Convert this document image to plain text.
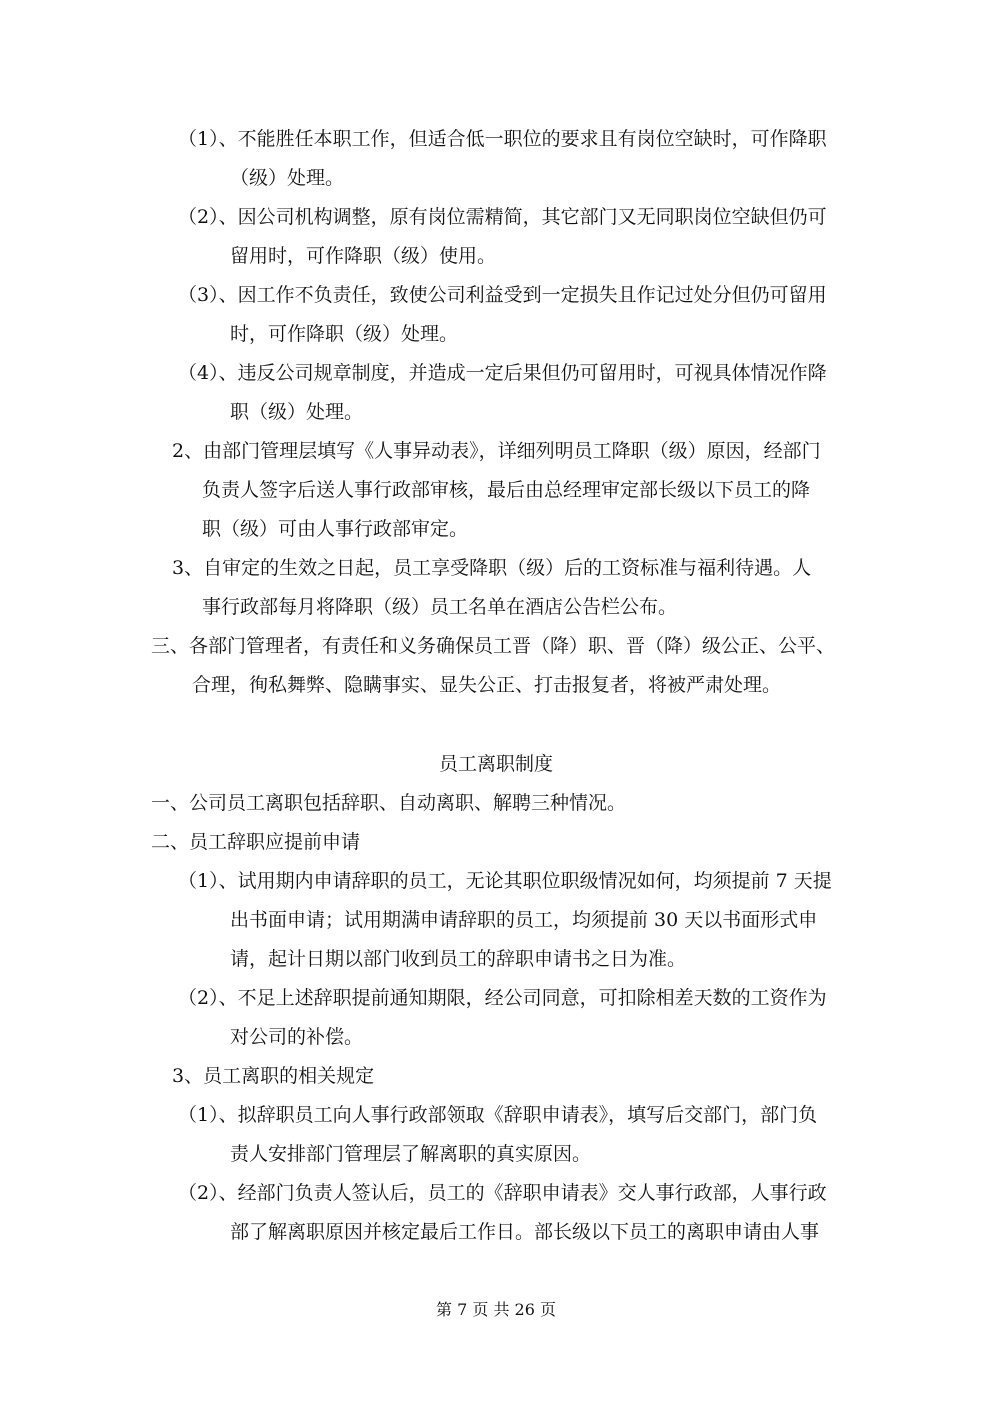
（1）、不能胜任本职工作，但适合低一职位的要求且有岗位空缺时，可作降职
（级）处理。
（2）、因公司机构调整，原有岗位需精简，其它部门又无同职岗位空缺但仍可
留用时，可作降职（级）使用。
（3）、因工作不负责任，致使公司利益受到一定损失且作记过处分但仍可留用
时，可作降职（级）处理。
（4）、违反公司规章制度，并造成一定后果但仍可留用时，可视具体情况作降
职（级）处理。
2、由部门管理层填写《人事异动表》，详细列明员工降职（级）原因，经部门
负责人签字后送人事行政部审核，最后由总经理审定部长级以下员工的降
职（级）可由人事行政部审定。
3、自审定的生效之日起，员工享受降职（级）后的工资标准与福利待遇。人
事行政部每月将降职（级）员工名单在酒店公告栏公布。
三、各部门管理者，有责任和义务确保员工晋（降）职、晋（降）级公正、公平、
合理，徇私舞弊、隐瞒事实、显失公正、打击报复者，将被严肃处理。
员工离职制度
一、公司员工离职包括辞职、自动离职、解聘三种情况。
二、员工辞职应提前申请
（1）、试用期内申请辞职的员工，无论其职位职级情况如何，均须提前 7 天提
出书面申请；试用期满申请辞职的员工，均须提前 30 天以书面形式申
请，起计日期以部门收到员工的辞职申请书之日为准。
（2）、不足上述辞职提前通知期限，经公司同意，可扣除相差天数的工资作为
对公司的补偿。
3、员工离职的相关规定
（1）、拟辞职员工向人事行政部领取《辞职申请表》，填写后交部门，部门负
责人安排部门管理层了解离职的真实原因。
（2）、经部门负责人签认后，员工的《辞职申请表》交人事行政部，人事行政
部了解离职原因并核定最后工作日。部长级以下员工的离职申请由人事
第 7 页 共 26 页
